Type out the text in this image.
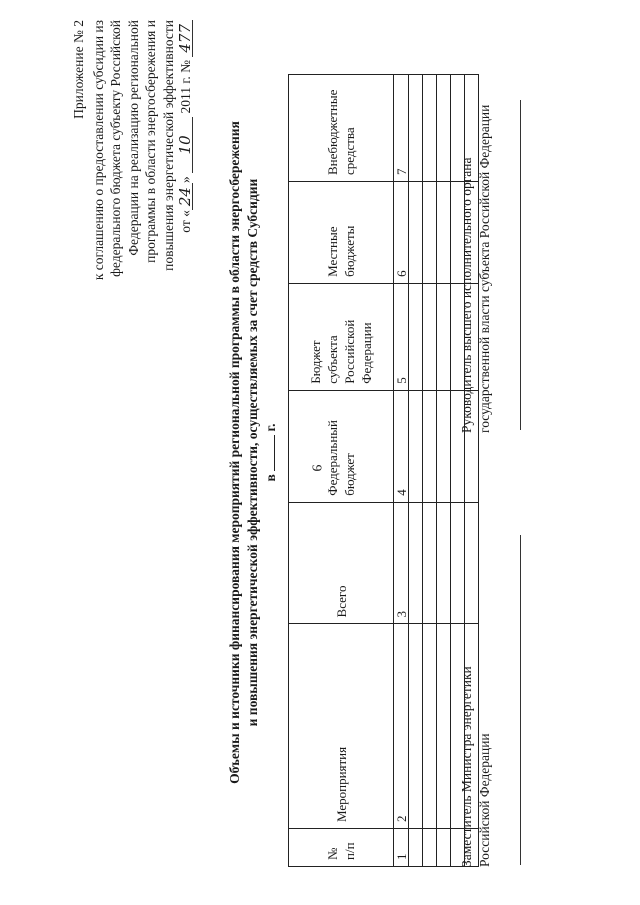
9
Приложение № 2 к соглашению о предоставлении субсидии из федерального бюджета субъекту Российской Федерации на реализацию региональной программы в области энергосбережения и повышения энергетической эффективности от «24» 10 2011 г. № 477
Объемы и источники финансирования мероприятий региональной программы в области энергосбережения и повышения энергетической эффективности, осуществляемых за счет средств Субсидии в  г.
№ п/п	Мероприятия	Всего	Федеральный бюджет	Бюджет субъекта Российской Федерации	Местные бюджеты	Внебюджетные средства
1	2	3	4	5	6	7

Заместитель Министра энергетики Российской Федерации
Руководитель высшего исполнительного органа государственной власти субъекта Российской Федерации
